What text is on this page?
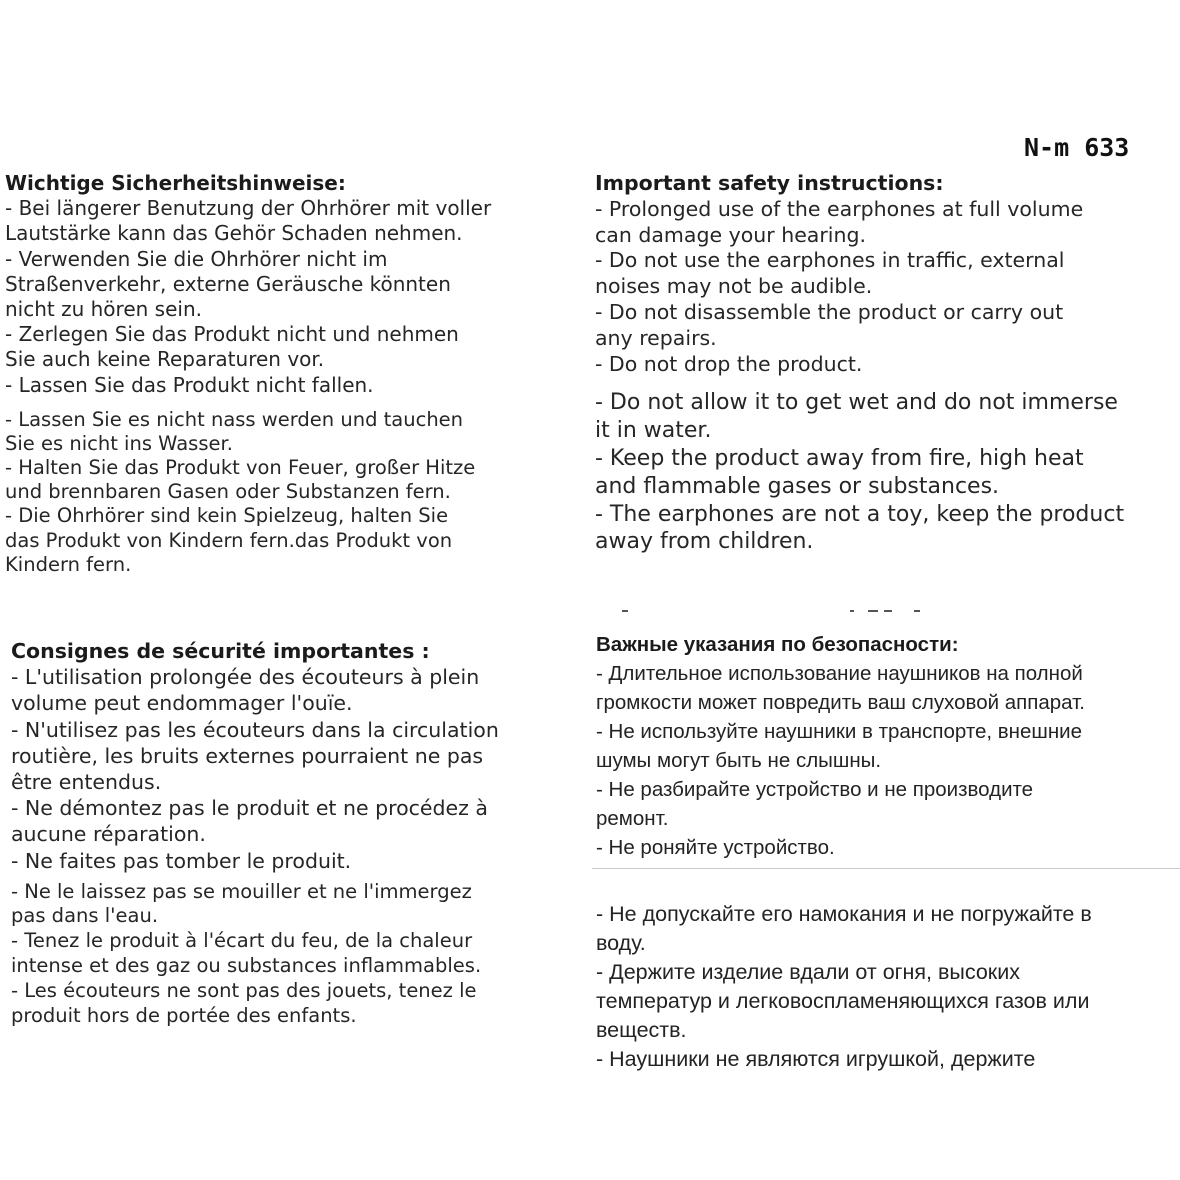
N-m 633
Wichtige Sicherheitshinweise:
- Bei längerer Benutzung der Ohrhörer mit voller
Lautstärke kann das Gehör Schaden nehmen.
- Verwenden Sie die Ohrhörer nicht im
Straßenverkehr, externe Geräusche könnten
nicht zu hören sein.
- Zerlegen Sie das Produkt nicht und nehmen
Sie auch keine Reparaturen vor.
- Lassen Sie das Produkt nicht fallen.
- Lassen Sie es nicht nass werden und tauchen
Sie es nicht ins Wasser.
- Halten Sie das Produkt von Feuer, großer Hitze
und brennbaren Gasen oder Substanzen fern.
- Die Ohrhörer sind kein Spielzeug, halten Sie
das Produkt von Kindern fern.das Produkt von
Kindern fern.
Important safety instructions:
- Prolonged use of the earphones at full volume
can damage your hearing.
- Do not use the earphones in traffic, external
noises may not be audible.
- Do not disassemble the product or carry out
any repairs.
- Do not drop the product.
- Do not allow it to get wet and do not immerse
it in water.
- Keep the product away from fire, high heat
and flammable gases or substances.
- The earphones are not a toy, keep the product
away from children.
Consignes de sécurité importantes :
- L'utilisation prolongée des écouteurs à plein
volume peut endommager l'ouïe.
- N'utilisez pas les écouteurs dans la circulation
routière, les bruits externes pourraient ne pas
être entendus.
- Ne démontez pas le produit et ne procédez à
aucune réparation.
- Ne faites pas tomber le produit.
- Ne le laissez pas se mouiller et ne l'immergez
pas dans l'eau.
- Tenez le produit à l'écart du feu, de la chaleur
intense et des gaz ou substances inflammables.
- Les écouteurs ne sont pas des jouets, tenez le
produit hors de portée des enfants.
Важные указания по безопасности:
- Длительное использование наушников на полной
громкости может повредить ваш слуховой аппарат.
- Не используйте наушники в транспорте, внешние
шумы могут быть не слышны.
- Не разбирайте устройство и не производите
ремонт.
- Не роняйте устройство.
- Не допускайте его намокания и не погружайте в
воду.
- Держите изделие вдали от огня, высоких
температур и легковоспламеняющихся газов или
веществ.
- Наушники не являются игрушкой, держите
